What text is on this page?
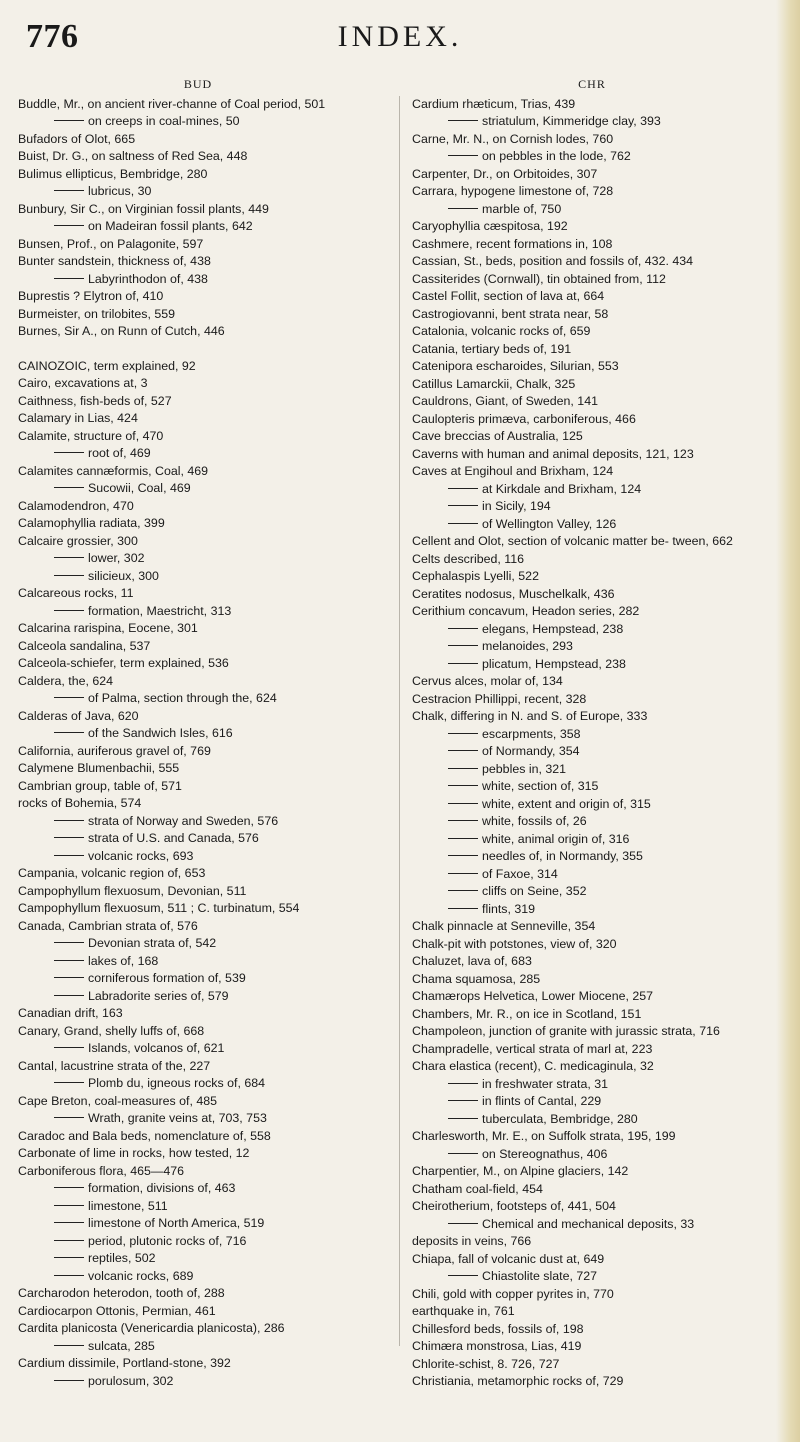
776	INDEX.
BUD
Buddle, Mr., on ancient river-channe of Coal period, 501
on creeps in coal-mines, 50
Bufadors of Olot, 665
Buist, Dr. G., on saltness of Red Sea, 448
Bulimus ellipticus, Bembridge, 280
lubricus, 30
Bunbury, Sir C., on Virginian fossil plants, 449
on Madeiran fossil plants, 642
Bunsen, Prof., on Palagonite, 597
Bunter sandstein, thickness of, 438
Labyrinthodon of, 438
Buprestis ? Elytron of, 410
Burmeister, on trilobites, 559
Burnes, Sir A., on Runn of Cutch, 446
CAINOZOIC, term explained, 92
Cairo, excavations at, 3
Caithness, fish-beds of, 527
Calamary in Lias, 424
Calamite, structure of, 470
root of, 469
Calamites cannæformis, Coal, 469
Sucowii, Coal, 469
Calamodendron, 470
Calamophyllia radiata, 399
Calcaire grossier, 300
lower, 302
silicieux, 300
Calcareous rocks, 11
formation, Maestricht, 313
Calcarina rarispina, Eocene, 301
Calceola sandalina, 537
Calceola-schiefer, term explained, 536
Caldera, the, 624
of Palma, section through the, 624
Calderas of Java, 620
of the Sandwich Isles, 616
California, auriferous gravel of, 769
Calymene Blumenbachii, 555
Cambrian group, table of, 571
rocks of Bohemia, 574
strata of Norway and Sweden, 576
strata of U.S. and Canada, 576
volcanic rocks, 693
Campania, volcanic region of, 653
Campophyllum flexuosum, Devonian, 511
Campophyllum flexuosum, 511 ; C. turbinatum, 554
Canada, Cambrian strata of, 576
Devonian strata of, 542
lakes of, 168
corniferous formation of, 539
Labradorite series of, 579
Canadian drift, 163
Canary, Grand, shelly luffs of, 668
Islands, volcanos of, 621
Cantal, lacustrine strata of the, 227
Plomb du, igneous rocks of, 684
Cape Breton, coal-measures of, 485
Wrath, granite veins at, 703, 753
Caradoc and Bala beds, nomenclature of, 558
Carbonate of lime in rocks, how tested, 12
Carboniferous flora, 465—476
formation, divisions of, 463
limestone, 511
limestone of North America, 519
period, plutonic rocks of, 716
reptiles, 502
volcanic rocks, 689
Carcharodon heterodon, tooth of, 288
Cardiocarpon Ottonis, Permian, 461
Cardita planicosta (Venericardia planicosta), 286
sulcata, 285
Cardium dissimile, Portland-stone, 392
porulosum, 302
CHR
Cardium rhæticum, Trias, 439
striatulum, Kimmeridge clay, 393
Carne, Mr. N., on Cornish lodes, 760
on pebbles in the lode, 762
Carpenter, Dr., on Orbitoides, 307
Carrara, hypogene limestone of, 728
marble of, 750
Caryophyllia cæspitosa, 192
Cashmere, recent formations in, 108
Cassian, St., beds, position and fossils of, 432. 434
Cassiterides (Cornwall), tin obtained from, 112
Castel Follit, section of lava at, 664
Castrogiovanni, bent strata near, 58
Catalonia, volcanic rocks of, 659
Catania, tertiary beds of, 191
Catenipora escharoides, Silurian, 553
Catillus Lamarckii, Chalk, 325
Cauldrons, Giant, of Sweden, 141
Caulopteris primæva, carboniferous, 466
Cave breccias of Australia, 125
Caverns with human and animal deposits, 121, 123
Caves at Engihoul and Brixham, 124
at Kirkdale and Brixham, 124
in Sicily, 194
of Wellington Valley, 126
Cellent and Olot, section of volcanic matter be- tween, 662
Celts described, 116
Cephalaspis Lyelli, 522
Ceratites nodosus, Muschelkalk, 436
Cerithium concavum, Headon series, 282
elegans, Hempstead, 238
melanoides, 293
plicatum, Hempstead, 238
Cervus alces, molar of, 134
Cestracion Phillippi, recent, 328
Chalk, differing in N. and S. of Europe, 333
escarpments, 358
of Normandy, 354
pebbles in, 321
white, section of, 315
white, extent and origin of, 315
white, fossils of, 26
white, animal origin of, 316
needles of, in Normandy, 355
of Faxoe, 314
cliffs on Seine, 352
flints, 319
Chalk pinnacle at Senneville, 354
Chalk-pit with potstones, view of, 320
Chaluzet, lava of, 683
Chama squamosa, 285
Chamærops Helvetica, Lower Miocene, 257
Chambers, Mr. R., on ice in Scotland, 151
Champoleon, junction of granite with jurassic strata, 716
Champradelle, vertical strata of marl at, 223
Chara elastica (recent), C. medicaginula, 32
in freshwater strata, 31
in flints of Cantal, 229
tuberculata, Bembridge, 280
Charlesworth, Mr. E., on Suffolk strata, 195, 199
on Stereognathus, 406
Charpentier, M., on Alpine glaciers, 142
Chatham coal-field, 454
Cheirotherium, footsteps of, 441, 504
Chemical and mechanical deposits, 33
deposits in veins, 766
Chiapa, fall of volcanic dust at, 649
Chiastolite slate, 727
Chili, gold with copper pyrites in, 770
earthquake in, 761
Chillesford beds, fossils of, 198
Chimæra monstrosa, Lias, 419
Chlorite-schist, 8. 726, 727
Christiania, metamorphic rocks of, 729
